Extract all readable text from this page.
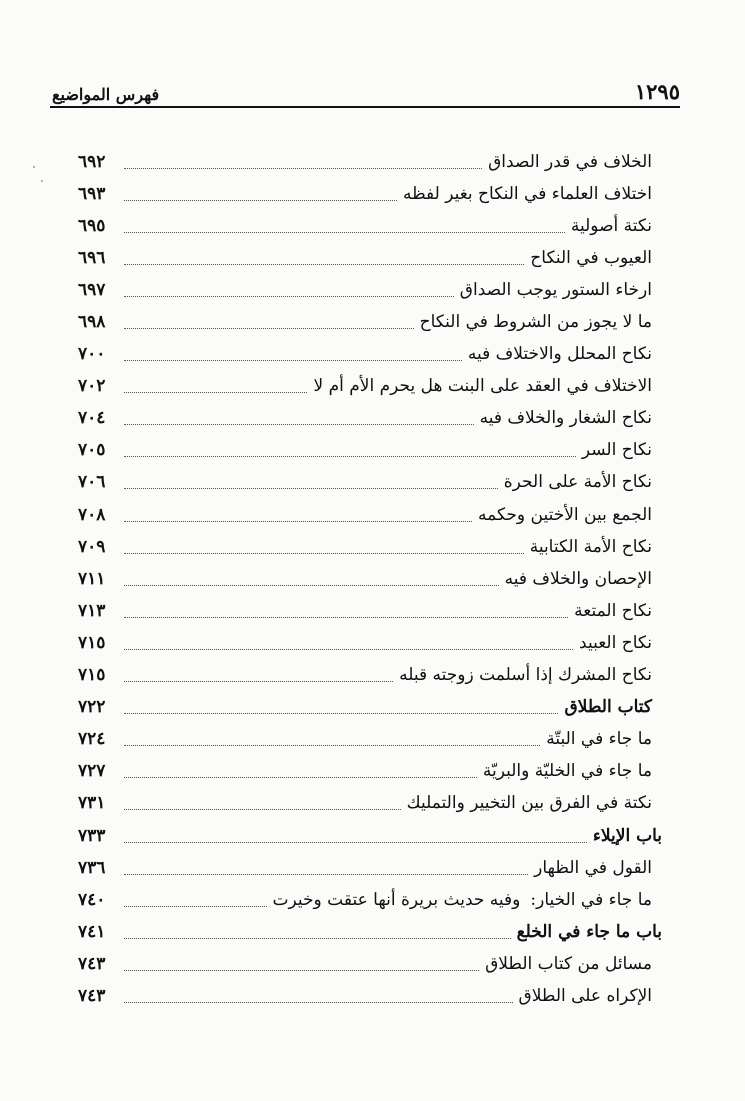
١٢٩٥
فهرس المواضيع
الخلاف في قدر الصداق
٦٩٢
اختلاف العلماء في النكاح بغير لفظه
٦٩٣
نكتة أصولية
٦٩٥
العيوب في النكاح
٦٩٦
ارخاء الستور يوجب الصداق
٦٩٧
ما لا يجوز من الشروط في النكاح
٦٩٨
نكاح المحلل والاختلاف فيه
٧٠٠
الاختلاف في العقد على البنت هل يحرم الأم أم لا
٧٠٢
نكاح الشغار والخلاف فيه
٧٠٤
نكاح السر
٧٠٥
نكاح الأمة على الحرة
٧٠٦
الجمع بين الأختين وحكمه
٧٠٨
نكاح الأمة الكتابية
٧٠٩
الإحصان والخلاف فيه
٧١١
نكاح المتعة
٧١٣
نكاح العبيد
٧١٥
نكاح المشرك إذا أسلمت زوجته قبله
٧١٥
كتاب الطلاق
٧٢٢
ما جاء في البتّة
٧٢٤
ما جاء في الخليّة والبريّة
٧٢٧
نكتة في الفرق بين التخيير والتمليك
٧٣١
باب الإيلاء
٧٣٣
القول في الظهار
٧٣٦
ما جاء في الخيار:وفيه حديث بريرة أنها عتقت وخيرت
٧٤٠
باب ما جاء في الخلع
٧٤١
مسائل من كتاب الطلاق
٧٤٣
الإكراه على الطلاق
٧٤٣
